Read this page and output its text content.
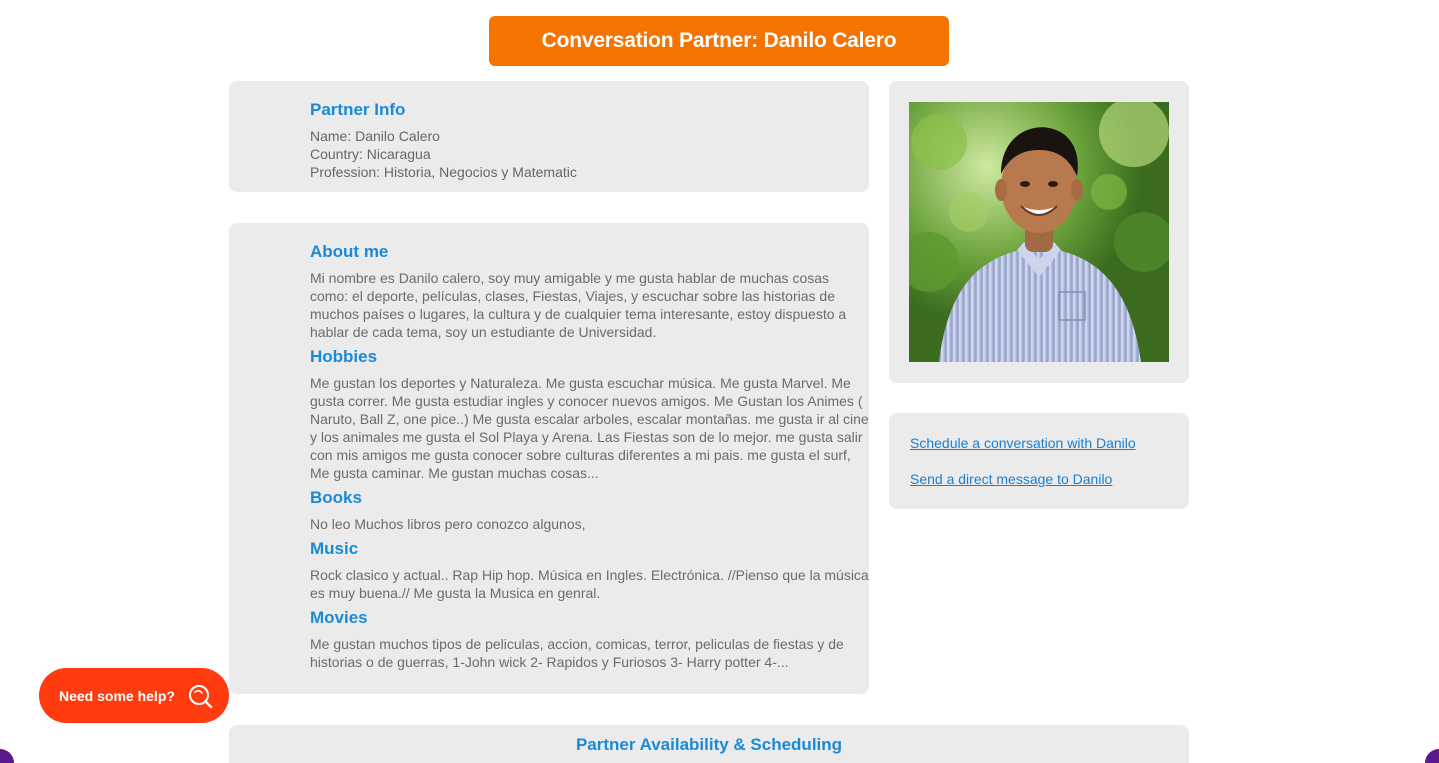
Conversation Partner: Danilo Calero
Partner Info
Name: Danilo Calero
Country: Nicaragua
Profession: Historia, Negocios y Matematic
About me

Mi nombre es Danilo calero, soy muy amigable y me gusta hablar de muchas cosas como: el deporte, películas, clases, Fiestas, Viajes, y escuchar sobre las historias de muchos países o lugares, la cultura y de cualquier tema interesante, estoy dispuesto a hablar de cada tema, soy un estudiante de Universidad.

Hobbies

Me gustan los deportes y Naturaleza. Me gusta escuchar música. Me gusta Marvel. Me gusta correr. Me gusta estudiar ingles y conocer nuevos amigos. Me Gustan los Animes ( Naruto, Ball Z, one pice..) Me gusta escalar arboles, escalar montañas. me gusta ir al cine y los animales me gusta el Sol Playa y Arena. Las Fiestas son de lo mejor. me gusta salir con mis amigos me gusta conocer sobre culturas diferentes a mi pais. me gusta el surf, Me gusta caminar. Me gustan muchas cosas...

Books

No leo Muchos libros pero conozco algunos,

Music

Rock clasico y actual.. Rap Hip hop. Música en Ingles. Electrónica. //Pienso que la música es muy buena.// Me gusta la Musica en genral.

Movies

Me gustan muchos tipos de peliculas, accion, comicas, terror, peliculas de fiestas y de historias o de guerras, 1-John wick 2- Rapidos y Furiosos 3- Harry potter 4-...

Schedule a conversation with Danilo
Send a direct message to Danilo
Partner Availability & Scheduling
Need some help?
